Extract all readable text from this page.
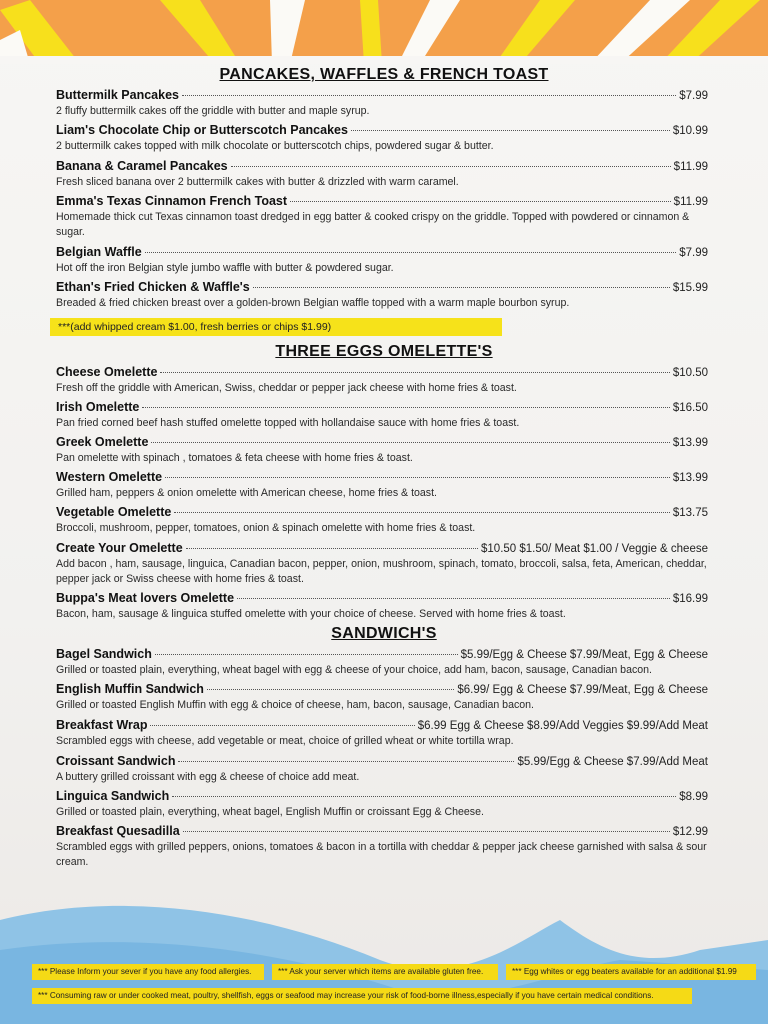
PANCAKES, WAFFLES & FRENCH TOAST
Buttermilk Pancakes	$7.99
2 fluffy buttermilk cakes off the griddle with butter and maple syrup.
Liam's Chocolate Chip or Butterscotch Pancakes	$10.99
2 buttermilk cakes topped with milk chocolate or butterscotch chips, powdered sugar & butter.
Banana & Caramel Pancakes	$11.99
Fresh sliced banana over 2 buttermilk cakes with butter & drizzled with warm caramel.
Emma's Texas Cinnamon French Toast	$11.99
Homemade thick cut Texas cinnamon toast dredged in egg batter & cooked crispy on the griddle. Topped with powdered or cinnamon & sugar.
Belgian Waffle	$7.99
Hot off the iron Belgian style jumbo waffle with butter & powdered sugar.
Ethan's Fried Chicken & Waffle's	$15.99
Breaded & fried chicken breast over a golden-brown Belgian waffle topped with a warm maple bourbon syrup.
***(add whipped cream $1.00, fresh berries or chips $1.99)
THREE EGGS OMELETTE'S
Cheese Omelette	$10.50
Fresh off the griddle with American, Swiss, cheddar or pepper jack cheese with home fries & toast.
Irish Omelette	$16.50
Pan fried corned beef hash stuffed omelette topped with hollandaise sauce with home fries & toast.
Greek Omelette	$13.99
Pan omelette with spinach , tomatoes & feta cheese with home fries & toast.
Western Omelette	$13.99
Grilled ham, peppers & onion omelette with American cheese, home fries & toast.
Vegetable Omelette	$13.75
Broccoli, mushroom, pepper, tomatoes, onion & spinach omelette with home fries & toast.
Create Your Omelette	$10.50 $1.50/ Meat $1.00 / Veggie & cheese
Add bacon , ham, sausage, linguica, Canadian bacon, pepper, onion, mushroom, spinach, tomato, broccoli, salsa, feta, American, cheddar, pepper jack or Swiss cheese with home fries & toast.
Buppa's Meat lovers Omelette	$16.99
Bacon, ham, sausage & linguica stuffed omelette with your choice of cheese. Served with home fries & toast.
SANDWICH'S
Bagel Sandwich	$5.99/Egg & Cheese $7.99/Meat, Egg & Cheese
Grilled or toasted plain, everything, wheat bagel with egg & cheese of your choice, add ham, bacon, sausage, Canadian bacon.
English Muffin Sandwich	$6.99/ Egg & Cheese $7.99/Meat, Egg & Cheese
Grilled or toasted English Muffin with egg & choice of cheese, ham, bacon, sausage, Canadian bacon.
Breakfast Wrap	$6.99 Egg & Cheese $8.99/Add Veggies $9.99/Add Meat
Scrambled eggs with cheese, add vegetable or meat, choice of grilled wheat or white tortilla wrap.
Croissant Sandwich	$5.99/Egg & Cheese $7.99/Add Meat
A buttery grilled croissant with egg & cheese of choice add meat.
Linguica Sandwich	$8.99
Grilled or toasted plain, everything, wheat bagel, English Muffin or croissant Egg & Cheese.
Breakfast Quesadilla	$12.99
Scrambled eggs with grilled peppers, onions, tomatoes & bacon in a tortilla with cheddar & pepper jack cheese garnished with salsa & sour cream.
*** Please Inform your sever if you have any food allergies.	*** Ask your server which items are available gluten free.	*** Egg whites or egg beaters available for an additional $1.99
*** Consuming raw or under cooked meat, poultry, shellfish, eggs or seafood may increase your risk of food-borne illness,especially if you have certain medical conditions.
